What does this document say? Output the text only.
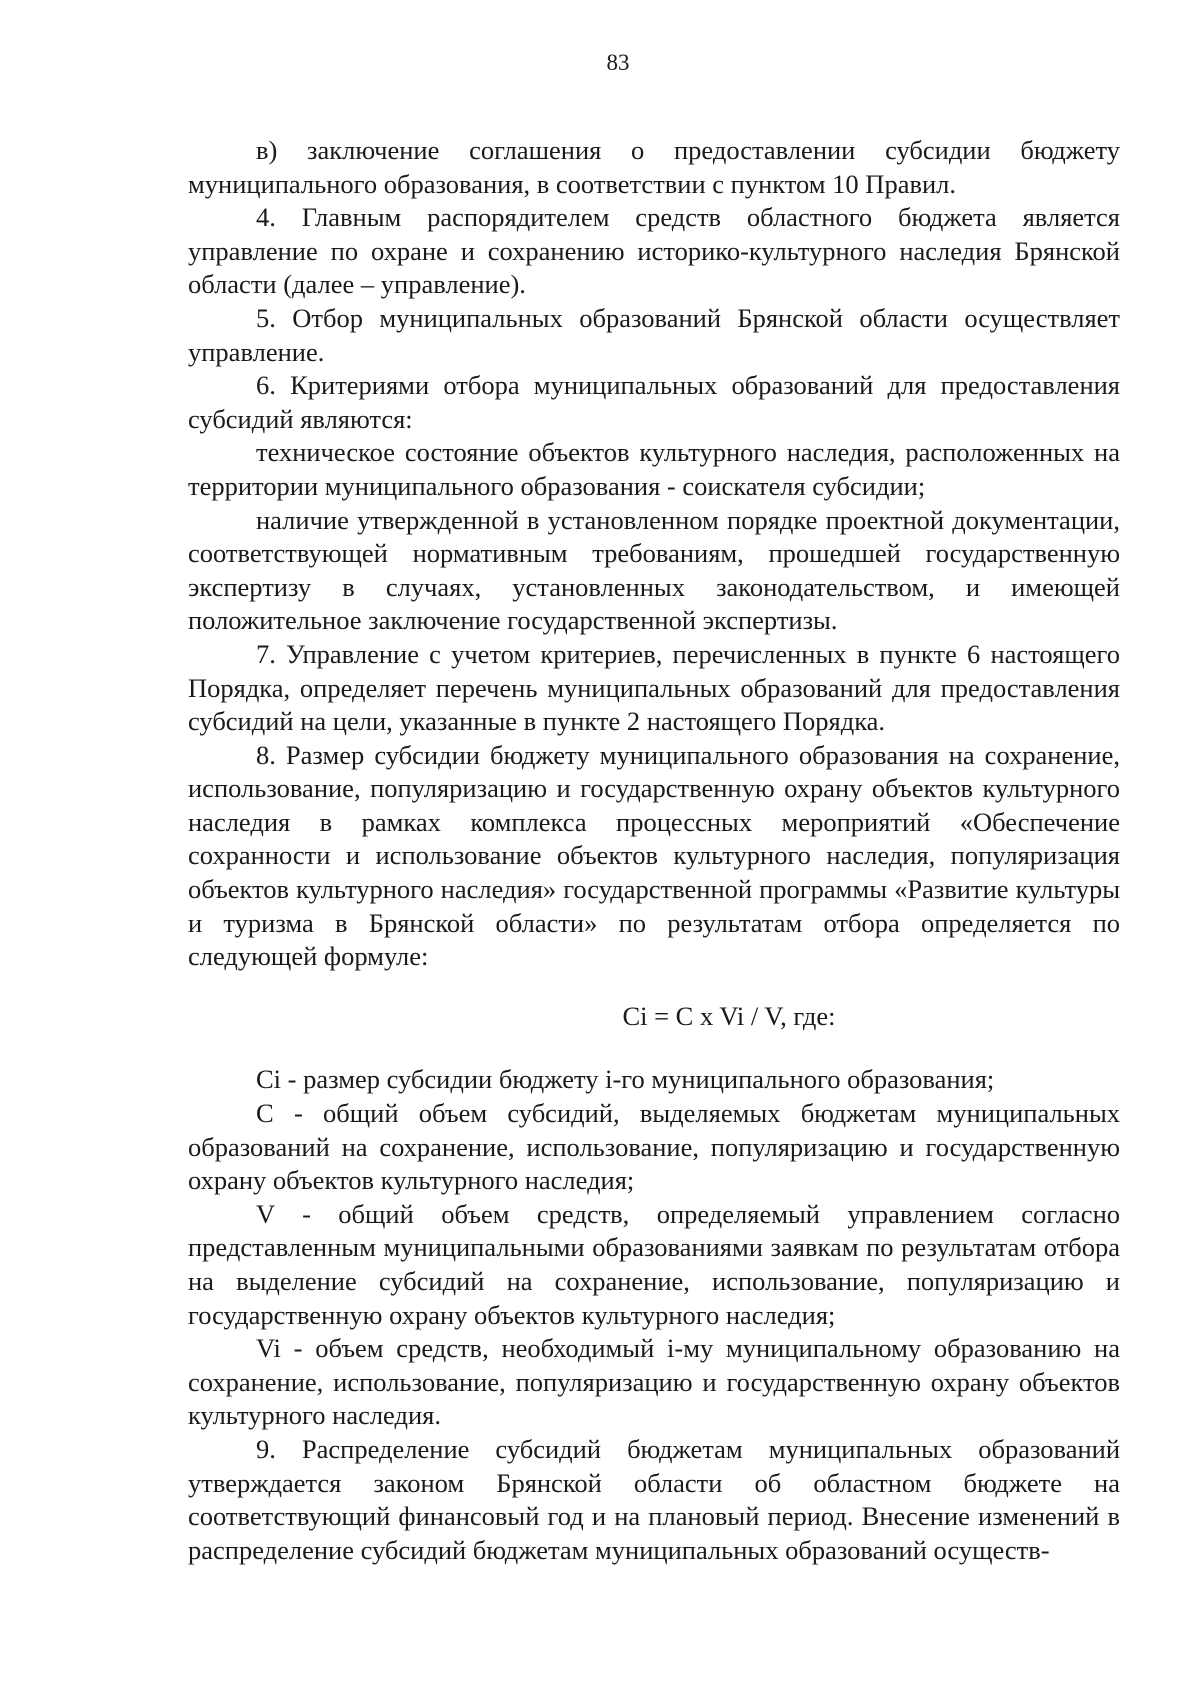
83

в) заключение соглашения о предоставлении субсидии бюджету муниципального образования, в соответствии с пунктом 10 Правил.

4. Главным распорядителем средств областного бюджета является управление по охране и сохранению историко-культурного наследия Брянской области (далее – управление).

5. Отбор муниципальных образований Брянской области осуществляет управление.

6. Критериями отбора муниципальных образований для предоставления субсидий являются:

техническое состояние объектов культурного наследия, расположенных на территории муниципального образования - соискателя субсидии;

наличие утвержденной в установленном порядке проектной документации, соответствующей нормативным требованиям, прошедшей государственную экспертизу в случаях, установленных законодательством, и имеющей положительное заключение государственной экспертизы.

7. Управление с учетом критериев, перечисленных в пункте 6 настоящего Порядка, определяет перечень муниципальных образований для предоставления субсидий на цели, указанные в пункте 2 настоящего Порядка.

8. Размер субсидии бюджету муниципального образования на сохранение, использование, популяризацию и государственную охрану объектов культурного наследия в рамках комплекса процессных мероприятий «Обеспечение сохранности и использование объектов культурного наследия, популяризация объектов культурного наследия» государственной программы «Развитие культуры и туризма в Брянской области» по результатам отбора определяется по следующей формуле:

Ci = C x Vi / V, где:

Ci - размер субсидии бюджету i-го муниципального образования;

C - общий объем субсидий, выделяемых бюджетам муниципальных образований на сохранение, использование, популяризацию и государственную охрану объектов культурного наследия;

V - общий объем средств, определяемый управлением согласно представленным муниципальными образованиями заявкам по результатам отбора на выделение субсидий на сохранение, использование, популяризацию и государственную охрану объектов культурного наследия;

Vi - объем средств, необходимый i-му муниципальному образованию на сохранение, использование, популяризацию и государственную охрану объектов культурного наследия.

9. Распределение субсидий бюджетам муниципальных образований утверждается законом Брянской области об областном бюджете на соответствующий финансовый год и на плановый период. Внесение изменений в распределение субсидий бюджетам муниципальных образований осуществ-
